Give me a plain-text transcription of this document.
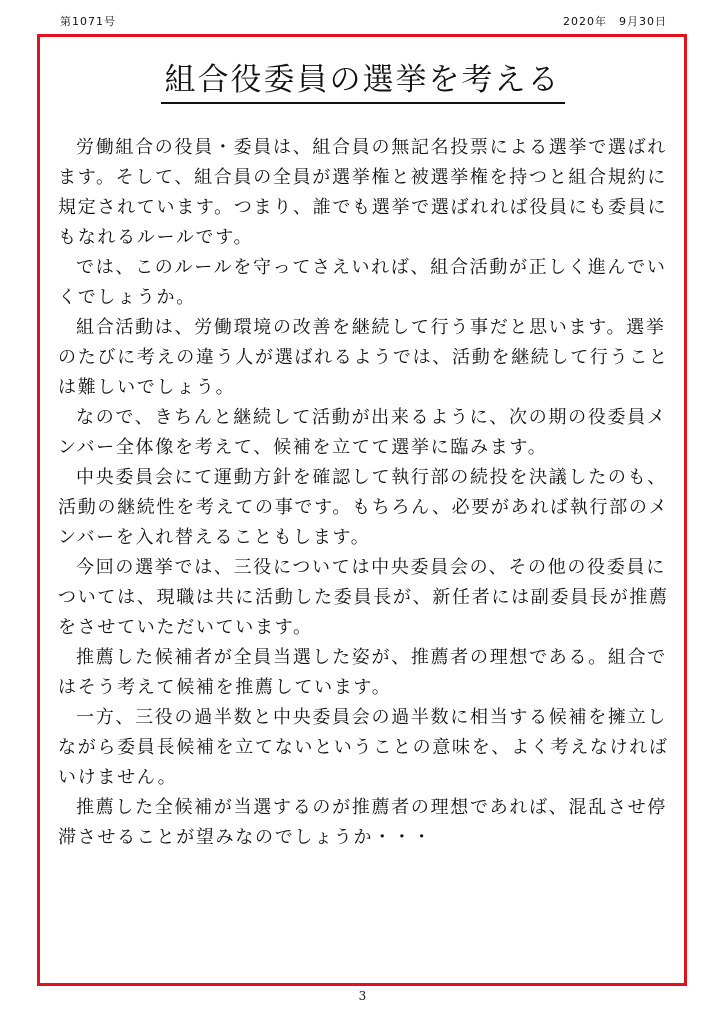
第1071号	2020年　9月30日
組合役委員の選挙を考える

労働組合の役員・委員は、組合員の無記名投票による選挙で選ばれ
ます。そして、組合員の全員が選挙権と被選挙権を持つと組合規約に
規定されています。つまり、誰でも選挙で選ばれれば役員にも委員に
もなれるルールです。

では、このルールを守ってさえいれば、組合活動が正しく進んでい
くでしょうか。

組合活動は、労働環境の改善を継続して行う事だと思います。選挙
のたびに考えの違う人が選ばれるようでは、活動を継続して行うこと
は難しいでしょう。

なので、きちんと継続して活動が出来るように、次の期の役委員メ
ンバー全体像を考えて、候補を立てて選挙に臨みます。

中央委員会にて運動方針を確認して執行部の続投を決議したのも、
活動の継続性を考えての事です。もちろん、必要があれば執行部のメ
ンバーを入れ替えることもします。

今回の選挙では、三役については中央委員会の、その他の役委員に
ついては、現職は共に活動した委員長が、新任者には副委員長が推薦
をさせていただいています。

推薦した候補者が全員当選した姿が、推薦者の理想である。組合で
はそう考えて候補を推薦しています。

一方、三役の過半数と中央委員会の過半数に相当する候補を擁立し
ながら委員長候補を立てないということの意味を、よく考えなければ
いけません。

推薦した全候補が当選するのが推薦者の理想であれば、混乱させ停
滞させることが望みなのでしょうか・・・

3
